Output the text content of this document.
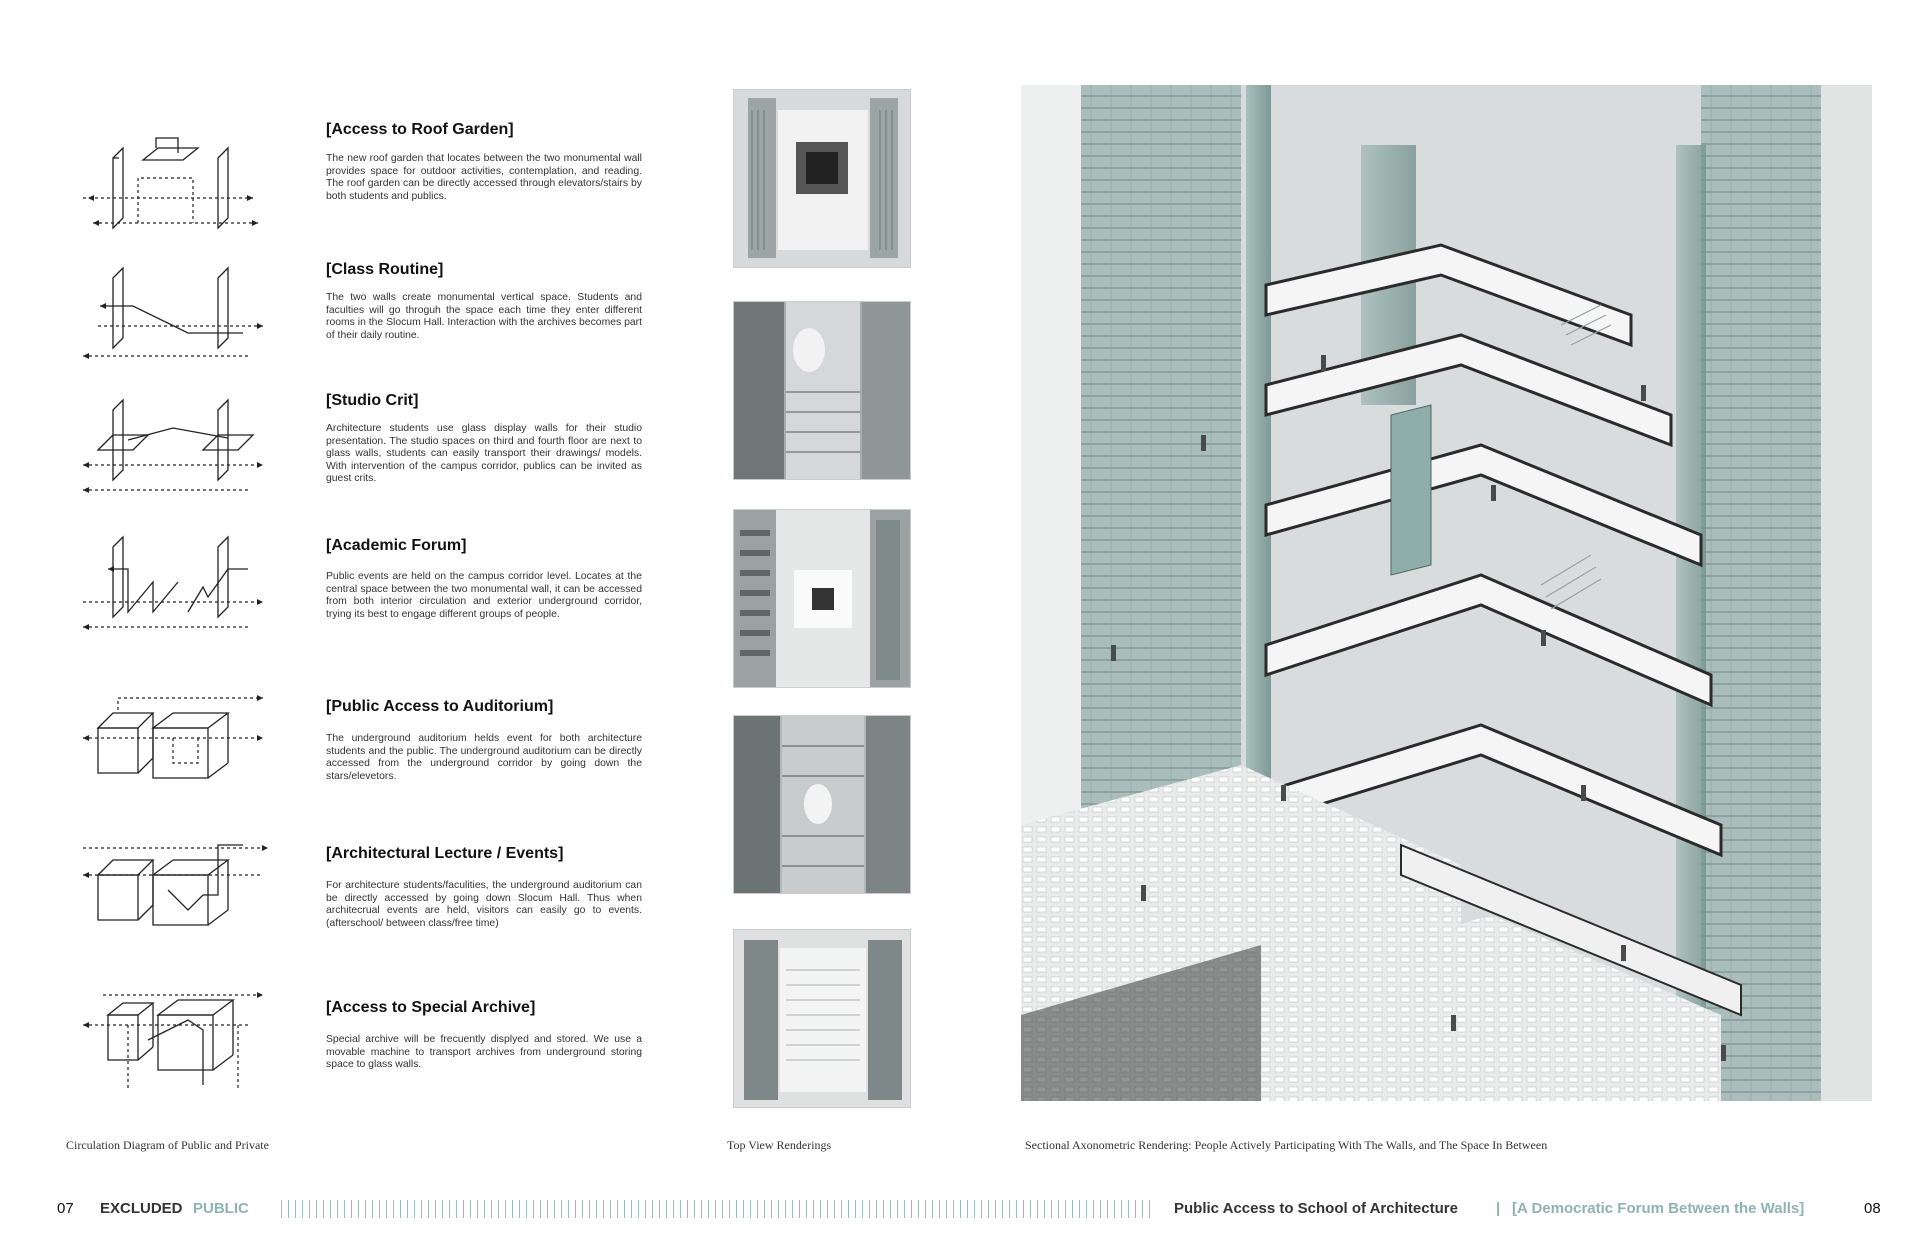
[Access to Roof Garden]
The new roof garden that locates between the two monumental wall provides space for outdoor activities, contemplation, and reading. The roof garden can be directly accessed through elevators/stairs by both students and publics.
[Class Routine]
The two walls create monumental vertical space. Students and faculties will go throguh the space each time they enter different rooms in the Slocum Hall. Interaction with the archives becomes part of their daily routine.
[Studio Crit]
Architecture students use glass display walls for their studio presentation. The studio spaces on third and fourth floor are next to glass walls, students can easily transport their drawings/ models. With intervention of the campus corridor, publics can be invited as guest crits.
[Academic Forum]
Public events are held on the campus corridor level. Locates at the central space between the two monumental wall, it can be accessed from both interior circulation and exterior underground corridor, trying its best to engage different groups of people.
[Public Access to Auditorium]
The underground auditorium helds event for both architecture students and the public. The underground auditorium can be directly accessed from the underground corridor by going down the stars/elevetors.
[Architectural Lecture / Events]
For architecture students/faculities, the underground auditorium can be directly accessed by going down Slocum Hall. Thus when architecrual events are held, visitors can easily go to events. (afterschool/ between class/free time)
[Access to Special Archive]
Special archive will be frecuently displyed and stored. We use a movable machine to transport archives from underground storing space to glass walls.
Circulation Diagram of Public and Private	Top View Renderings	Sectional Axonometric Rendering: People Actively Participating With The Walls, and The Space In Between
07 EXCLUDED PUBLIC	Public Access to School of Architecture	| [A Democratic Forum Between the Walls]	08
